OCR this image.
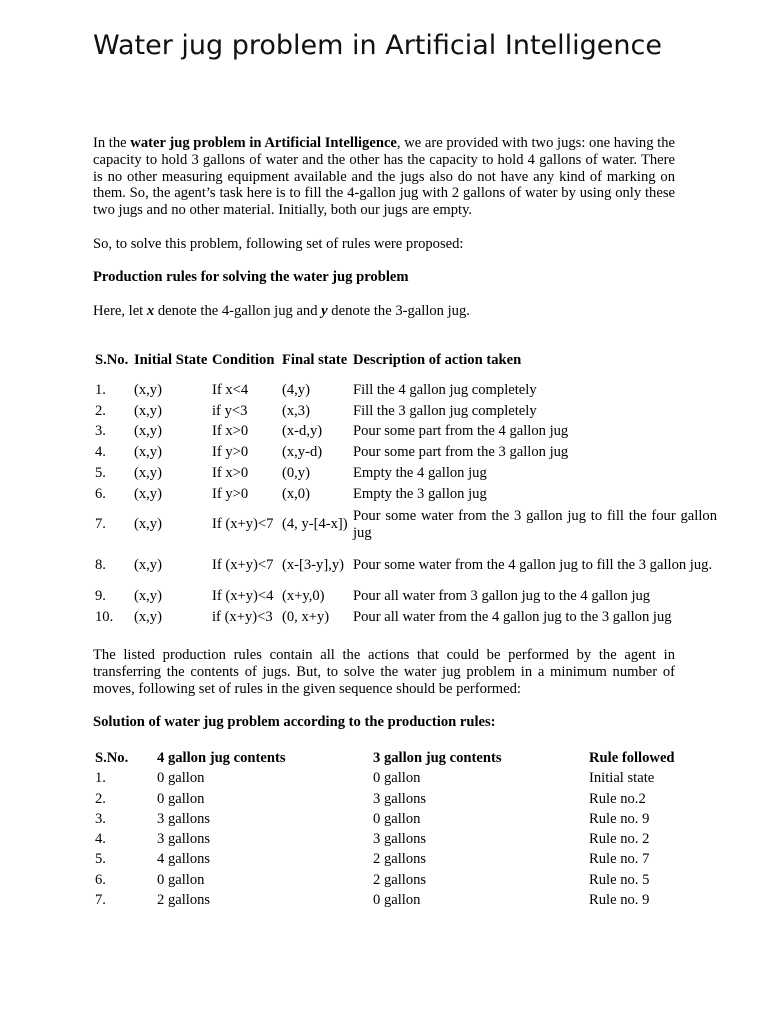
Water jug problem in Artificial Intelligence

In the water jug problem in Artificial Intelligence, we are provided with two jugs: one having the capacity to hold 3 gallons of water and the other has the capacity to hold 4 gallons of water. There is no other measuring equipment available and the jugs also do not have any kind of marking on them. So, the agent’s task here is to fill the 4-gallon jug with 2 gallons of water by using only these two jugs and no other material. Initially, both our jugs are empty.

So, to solve this problem, following set of rules were proposed:

Production rules for solving the water jug problem

Here, let x denote the 4-gallon jug and y denote the 3-gallon jug.

S.No.	Initial State	Condition	Final state	Description of action taken
1.	(x,y)	If x<4	(4,y)	Fill the 4 gallon jug completely
2.	(x,y)	if y<3	(x,3)	Fill the 3 gallon jug completely
3.	(x,y)	If x>0	(x-d,y)	Pour some part from the 4 gallon jug
4.	(x,y)	If y>0	(x,y-d)	Pour some part from the 3 gallon jug
5.	(x,y)	If x>0	(0,y)	Empty the 4 gallon jug
6.	(x,y)	If y>0	(x,0)	Empty the 3 gallon jug
7.	(x,y)	If (x+y)<7	(4, y-[4-x])	Pour some water from the 3 gallon jug to fill the four gallon jug
8.	(x,y)	If (x+y)<7	(x-[3-y],y)	Pour some water from the 4 gallon jug to fill the 3 gallon jug.
9.	(x,y)	If (x+y)<4	(x+y,0)	Pour all water from 3 gallon jug to the 4 gallon jug
10.	(x,y)	if (x+y)<3	(0, x+y)	Pour all water from the 4 gallon jug to the 3 gallon jug

The listed production rules contain all the actions that could be performed by the agent in transferring the contents of jugs. But, to solve the water jug problem in a minimum number of moves, following set of rules in the given sequence should be performed:

Solution of water jug problem according to the production rules:

S.No.	4 gallon jug contents	3 gallon jug contents	Rule followed
1.	0 gallon	0 gallon	Initial state
2.	0 gallon	3 gallons	Rule no.2
3.	3 gallons	0 gallon	Rule no. 9
4.	3 gallons	3 gallons	Rule no. 2
5.	4 gallons	2 gallons	Rule no. 7
6.	0 gallon	2 gallons	Rule no. 5
7.	2 gallons	0 gallon	Rule no. 9
